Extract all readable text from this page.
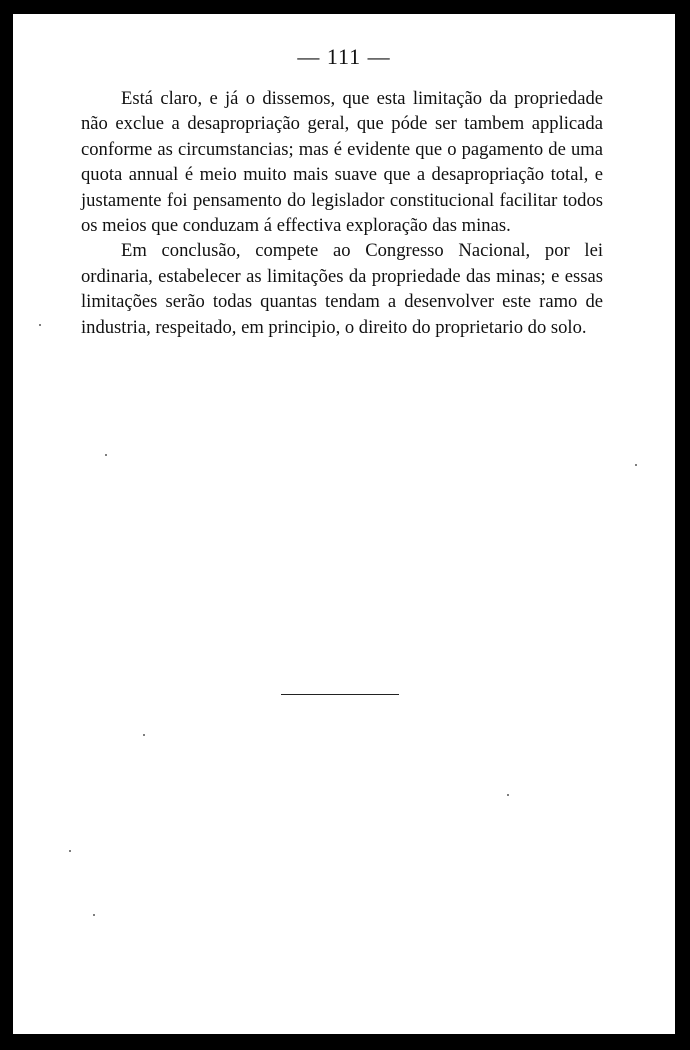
— 111 —

Está claro, e já o dissemos, que esta limitação da propriedade não exclue a desapropriação geral, que póde ser tambem applicada conforme as circumstancias; mas é evidente que o pagamento de uma quota annual é meio muito mais suave que a desapropriação total, e justamente foi pensamento do legislador constitucional facilitar todos os meios que conduzam á effectiva exploração das minas.

Em conclusão, compete ao Congresso Nacional, por lei ordinaria, estabelecer as limitações da propriedade das minas; e essas limitações serão todas quantas tendam a desenvolver este ramo de industria, respeitado, em principio, o direito do proprietario do solo.
